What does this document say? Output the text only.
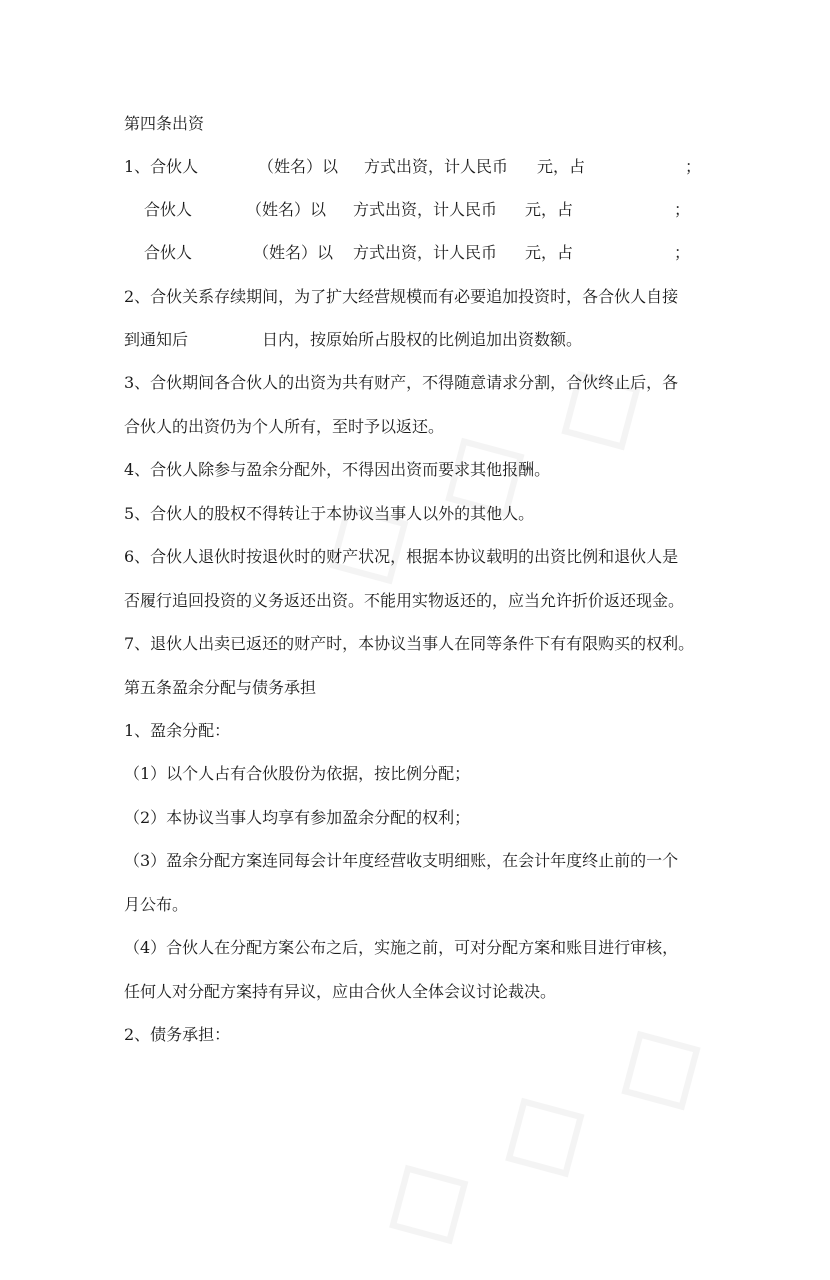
第四条出资
1、合伙人	（姓名）以 方式出资，计人民币 元，占	；
合伙人	（姓名）以 方式出资，计人民币 元，占	；
合伙人	（姓名）以 方式出资，计人民币 元，占	；
2、合伙关系存续期间，为了扩大经营规模而有必要追加投资时，各合伙人自接
到通知后	日内，按原始所占股权的比例追加出资数额。
3、合伙期间各合伙人的出资为共有财产，不得随意请求分割，合伙终止后，各
合伙人的出资仍为个人所有，至时予以返还。
4、合伙人除参与盈余分配外，不得因出资而要求其他报酬。
5、合伙人的股权不得转让于本协议当事人以外的其他人。
6、合伙人退伙时按退伙时的财产状况，根据本协议载明的出资比例和退伙人是
否履行追回投资的义务返还出资。不能用实物返还的，应当允许折价返还现金。
7、退伙人出卖已返还的财产时，本协议当事人在同等条件下有有限购买的权利。
第五条盈余分配与债务承担
1、盈余分配：
（1）以个人占有合伙股份为依据，按比例分配；
（2）本协议当事人均享有参加盈余分配的权利；
（3）盈余分配方案连同每会计年度经营收支明细账，在会计年度终止前的一个
月公布。
（4）合伙人在分配方案公布之后，实施之前，可对分配方案和账目进行审核，
任何人对分配方案持有异议，应由合伙人全体会议讨论裁决。
2、债务承担：
